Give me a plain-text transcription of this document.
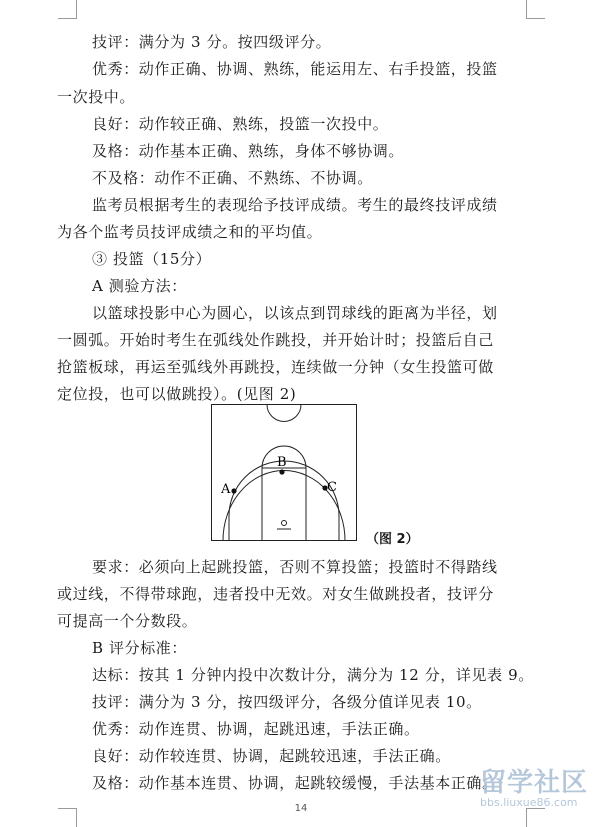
技评：满分为 3 分。按四级评分。
优秀：动作正确、协调、熟练，能运用左、右手投篮，投篮
一次投中。
良好：动作较正确、熟练，投篮一次投中。
及格：动作基本正确、熟练，身体不够协调。
不及格：动作不正确、不熟练、不协调。
监考员根据考生的表现给予技评成绩。考生的最终技评成绩
为各个监考员技评成绩之和的平均值。
③ 投篮（15分）
A 测验方法：
以篮球投影中心为圆心，以该点到罚球线的距离为半径，划
一圆弧。开始时考生在弧线处作跳投，并开始计时；投篮后自己
抢篮板球，再运至弧线外再跳投，连续做一分钟（女生投篮可做
定位投，也可以做跳投）。(见图 2)
A
B
C
（图 2）
要求：必须向上起跳投篮，否则不算投篮；投篮时不得踏线
或过线，不得带球跑，违者投中无效。对女生做跳投者，技评分
可提高一个分数段。
B 评分标准：
达标：按其 1 分钟内投中次数计分，满分为 12 分，详见表 9。
技评：满分为 3 分，按四级评分，各级分值详见表 10。
优秀：动作连贯、协调，起跳迅速，手法正确。
良好：动作较连贯、协调，起跳较迅速，手法正确。
及格：动作基本连贯、协调，起跳较缓慢，手法基本正确。
留学社区
bbs.liuxue86.com
14
